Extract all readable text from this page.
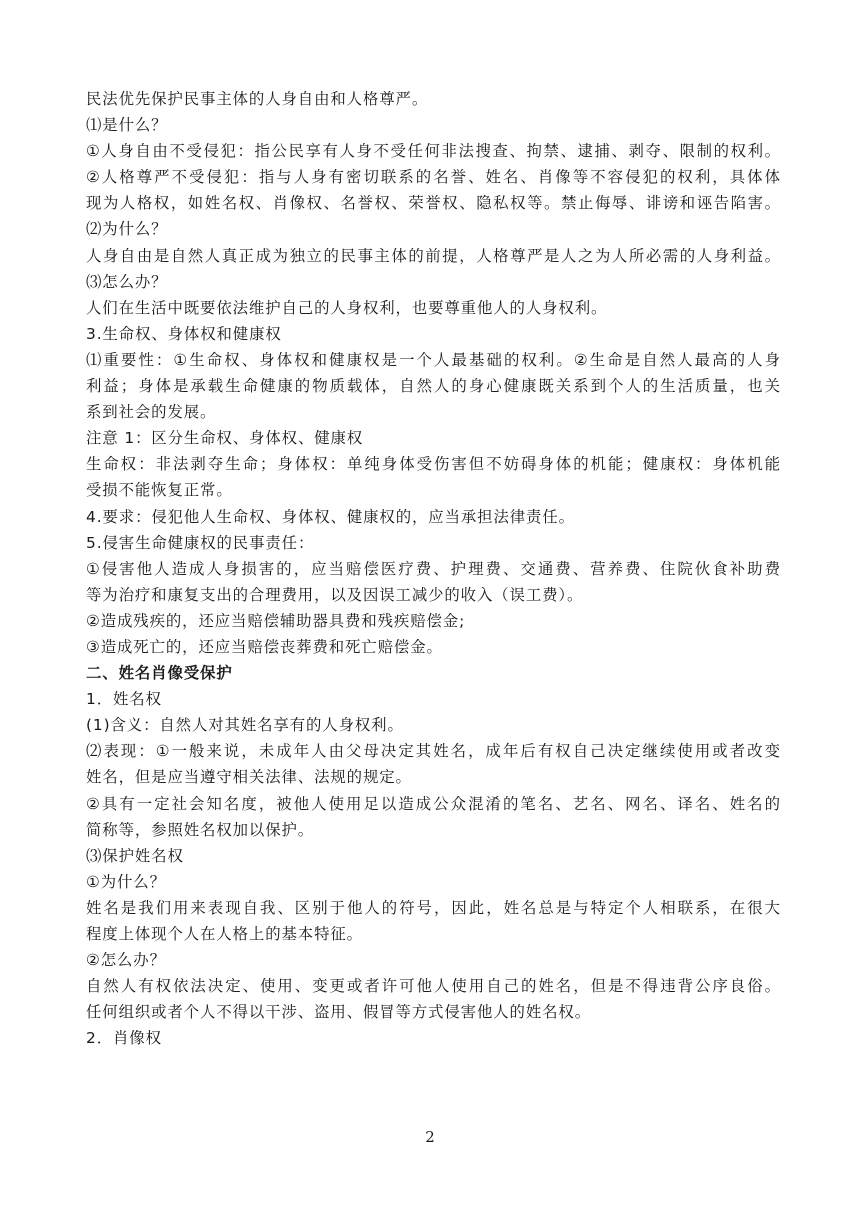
民法优先保护民事主体的人身自由和人格尊严。
⑴是什么？
①人身自由不受侵犯：指公民享有人身不受任何非法搜查、拘禁、逮捕、剥夺、限制的权利。
②人格尊严不受侵犯：指与人身有密切联系的名誉、姓名、肖像等不容侵犯的权利，具体体
现为人格权，如姓名权、肖像权、名誉权、荣誉权、隐私权等。禁止侮辱、诽谤和诬告陷害。
⑵为什么？
人身自由是自然人真正成为独立的民事主体的前提，人格尊严是人之为人所必需的人身利益。
⑶怎么办？
人们在生活中既要依法维护自己的人身权利，也要尊重他人的人身权利。
3.生命权、身体权和健康权
⑴重要性：①生命权、身体权和健康权是一个人最基础的权利。②生命是自然人最高的人身
利益；身体是承载生命健康的物质载体，自然人的身心健康既关系到个人的生活质量，也关
系到社会的发展。
注意 1：区分生命权、身体权、健康权
生命权：非法剥夺生命；身体权：单纯身体受伤害但不妨碍身体的机能；健康权：身体机能
受损不能恢复正常。
4.要求：侵犯他人生命权、身体权、健康权的，应当承担法律责任。
5.侵害生命健康权的民事责任：
①侵害他人造成人身损害的，应当赔偿医疗费、护理费、交通费、营养费、住院伙食补助费
等为治疗和康复支出的合理费用，以及因误工减少的收入（误工费）。
②造成残疾的，还应当赔偿辅助器具费和残疾赔偿金;
③造成死亡的，还应当赔偿丧葬费和死亡赔偿金。
二、姓名肖像受保护
1．姓名权
(1)含义：自然人对其姓名享有的人身权利。
⑵表现：①一般来说，未成年人由父母决定其姓名，成年后有权自己决定继续使用或者改变
姓名，但是应当遵守相关法律、法规的规定。
②具有一定社会知名度，被他人使用足以造成公众混淆的笔名、艺名、网名、译名、姓名的
简称等，参照姓名权加以保护。
⑶保护姓名权
①为什么？
姓名是我们用来表现自我、区别于他人的符号，因此，姓名总是与特定个人相联系，在很大
程度上体现个人在人格上的基本特征。
②怎么办？
自然人有权依法决定、使用、变更或者许可他人使用自己的姓名，但是不得违背公序良俗。
任何组织或者个人不得以干涉、盗用、假冒等方式侵害他人的姓名权。
2．肖像权
2
